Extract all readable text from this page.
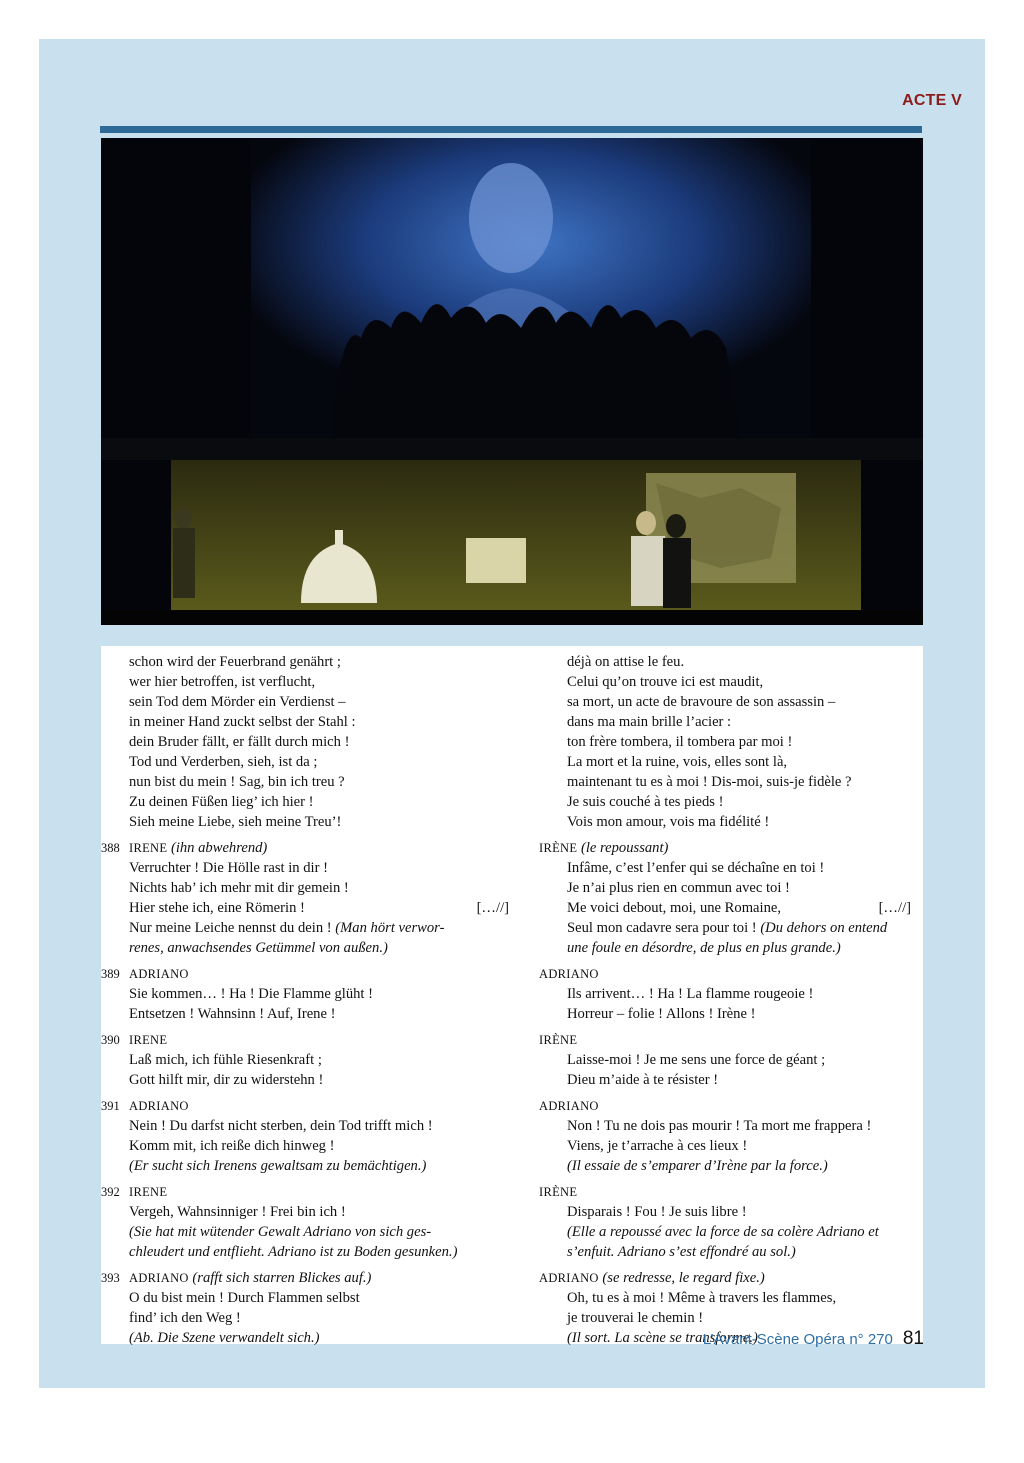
ACTE V
schon wird der Feuerbrand genährt ;
wer hier betroffen, ist verflucht,
sein Tod dem Mörder ein Verdienst –
in meiner Hand zuckt selbst der Stahl :
dein Bruder fällt, er fällt durch mich !
Tod und Verderben, sieh, ist da ;
nun bist du mein ! Sag, bin ich treu ?
Zu deinen Füßen lieg’ ich hier !
Sieh meine Liebe, sieh meine Treu’!
388 IRENE (ihn abwehrend)
Verruchter ! Die Hölle rast in dir !
Nichts hab’ ich mehr mit dir gemein !
Hier stehe ich, eine Römerin !	[…//]
Nur meine Leiche nennst du dein ! (Man hört verwor-
renes, anwachsendes Getümmel von außen.)
389 ADRIANO
Sie kommen… ! Ha ! Die Flamme glüht !
Entsetzen ! Wahnsinn ! Auf, Irene !
390 IRENE
Laß mich, ich fühle Riesenkraft ;
Gott hilft mir, dir zu widerstehn !
391 ADRIANO
Nein ! Du darfst nicht sterben, dein Tod trifft mich !
Komm mit, ich reiße dich hinweg !
(Er sucht sich Irenens gewaltsam zu bemächtigen.)
392 IRENE
Vergeh, Wahnsinniger ! Frei bin ich !
(Sie hat mit wütender Gewalt Adriano von sich ges-
chleudert und entflieht. Adriano ist zu Boden gesunken.)
393 ADRIANO (rafft sich starren Blickes auf.)
O du bist mein ! Durch Flammen selbst
find’ ich den Weg !
(Ab. Die Szene verwandelt sich.)
déjà on attise le feu.
Celui qu’on trouve ici est maudit,
sa mort, un acte de bravoure de son assassin –
dans ma main brille l’acier :
ton frère tombera, il tombera par moi !
La mort et la ruine, vois, elles sont là,
maintenant tu es à moi ! Dis-moi, suis-je fidèle ?
Je suis couché à tes pieds !
Vois mon amour, vois ma fidélité !
IRÈNE (le repoussant)
Infâme, c’est l’enfer qui se déchaîne en toi !
Je n’ai plus rien en commun avec toi !
Me voici debout, moi, une Romaine,	[…//]
Seul mon cadavre sera pour toi ! (Du dehors on entend
une foule en désordre, de plus en plus grande.)
ADRIANO
Ils arrivent… ! Ha ! La flamme rougeoie !
Horreur – folie ! Allons ! Irène !
IRÈNE
Laisse-moi ! Je me sens une force de géant ;
Dieu m’aide à te résister !
ADRIANO
Non ! Tu ne dois pas mourir ! Ta mort me frappera !
Viens, je t’arrache à ces lieux !
(Il essaie de s’emparer d’Irène par la force.)
IRÈNE
Disparais ! Fou ! Je suis libre !
(Elle a repoussé avec la force de sa colère Adriano et
s’enfuit. Adriano s’est effondré au sol.)
ADRIANO (se redresse, le regard fixe.)
Oh, tu es à moi ! Même à travers les flammes,
je trouverai le chemin !
(Il sort. La scène se transforme.)
L’Avant-Scène Opéra n° 270 81
